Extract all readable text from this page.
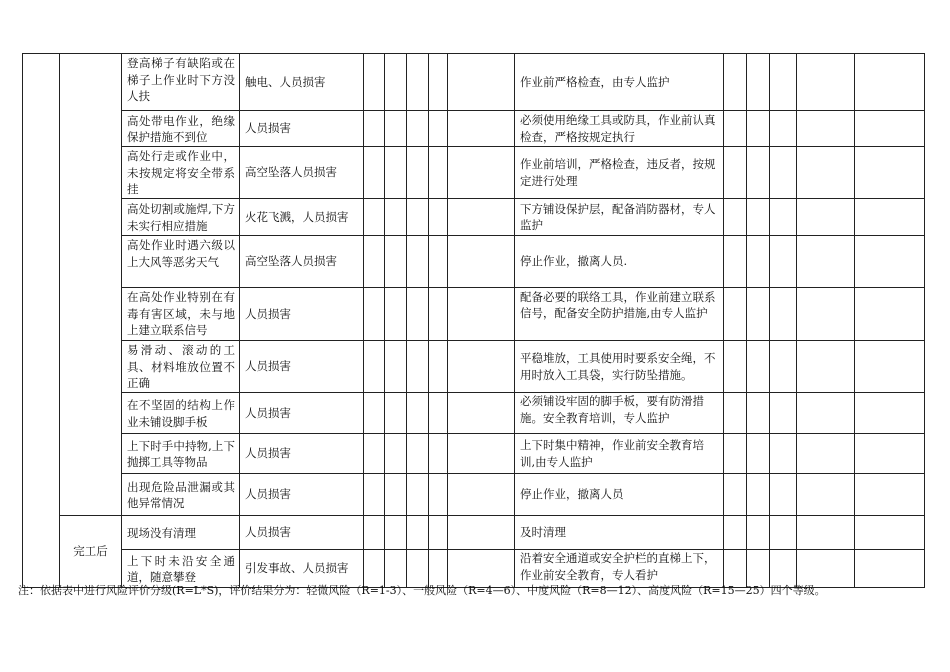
		登高梯子有缺陷或在梯子上作业时下方没人扶	触电、人员损害						作业前严格检查，由专人监护					

		高处带电作业，绝缘保护措施不到位	人员损害						必须使用绝缘工具或防具，作业前认真检查，严格按规定执行					

		高处行走或作业中，未按规定将安全带系挂	高空坠落人员损害						作业前培训，严格检查，违反者，按规定进行处理					

		高处切割或施焊,下方未实行相应措施	火花飞溅，人员损害						下方铺设保护层，配备消防器材，专人监护					

		高处作业时遇六级以上大风等恶劣天气	高空坠落人员损害						停止作业，撤离人员.					

		在高处作业特别在有毒有害区域，未与地上建立联系信号	人员损害						配备必要的联络工具，作业前建立联系信号，配备安全防护措施,由专人监护					

		易滑动、滚动的工具、材料堆放位置不正确	人员损害						平稳堆放，工具使用时要系安全绳，不用时放入工具袋，实行防坠措施。					

		在不坚固的结构上作业未铺设脚手板	人员损害						必须铺设牢固的脚手板，要有防滑措施。安全教育培训，专人监护					

		上下时手中持物,上下抛掷工具等物品	人员损害						上下时集中精神，作业前安全教育培训,由专人监护					

		出现危险品泄漏或其他异常情况	人员损害						停止作业，撤离人员					

	完工后	现场没有清理	人员损害						及时清理					

		上下时未沿安全通道，随意攀登	引发事故、人员损害						沿着安全通道或安全护栏的直梯上下，作业前安全教育，专人看护					

注：依据表中进行风险评价分级(R=L*S)，评价结果分为：轻微风险（R=1-3）、一般风险（R=4—6）、中度风险（R=8—12）、高度风险（R=15—25）四个等级。
